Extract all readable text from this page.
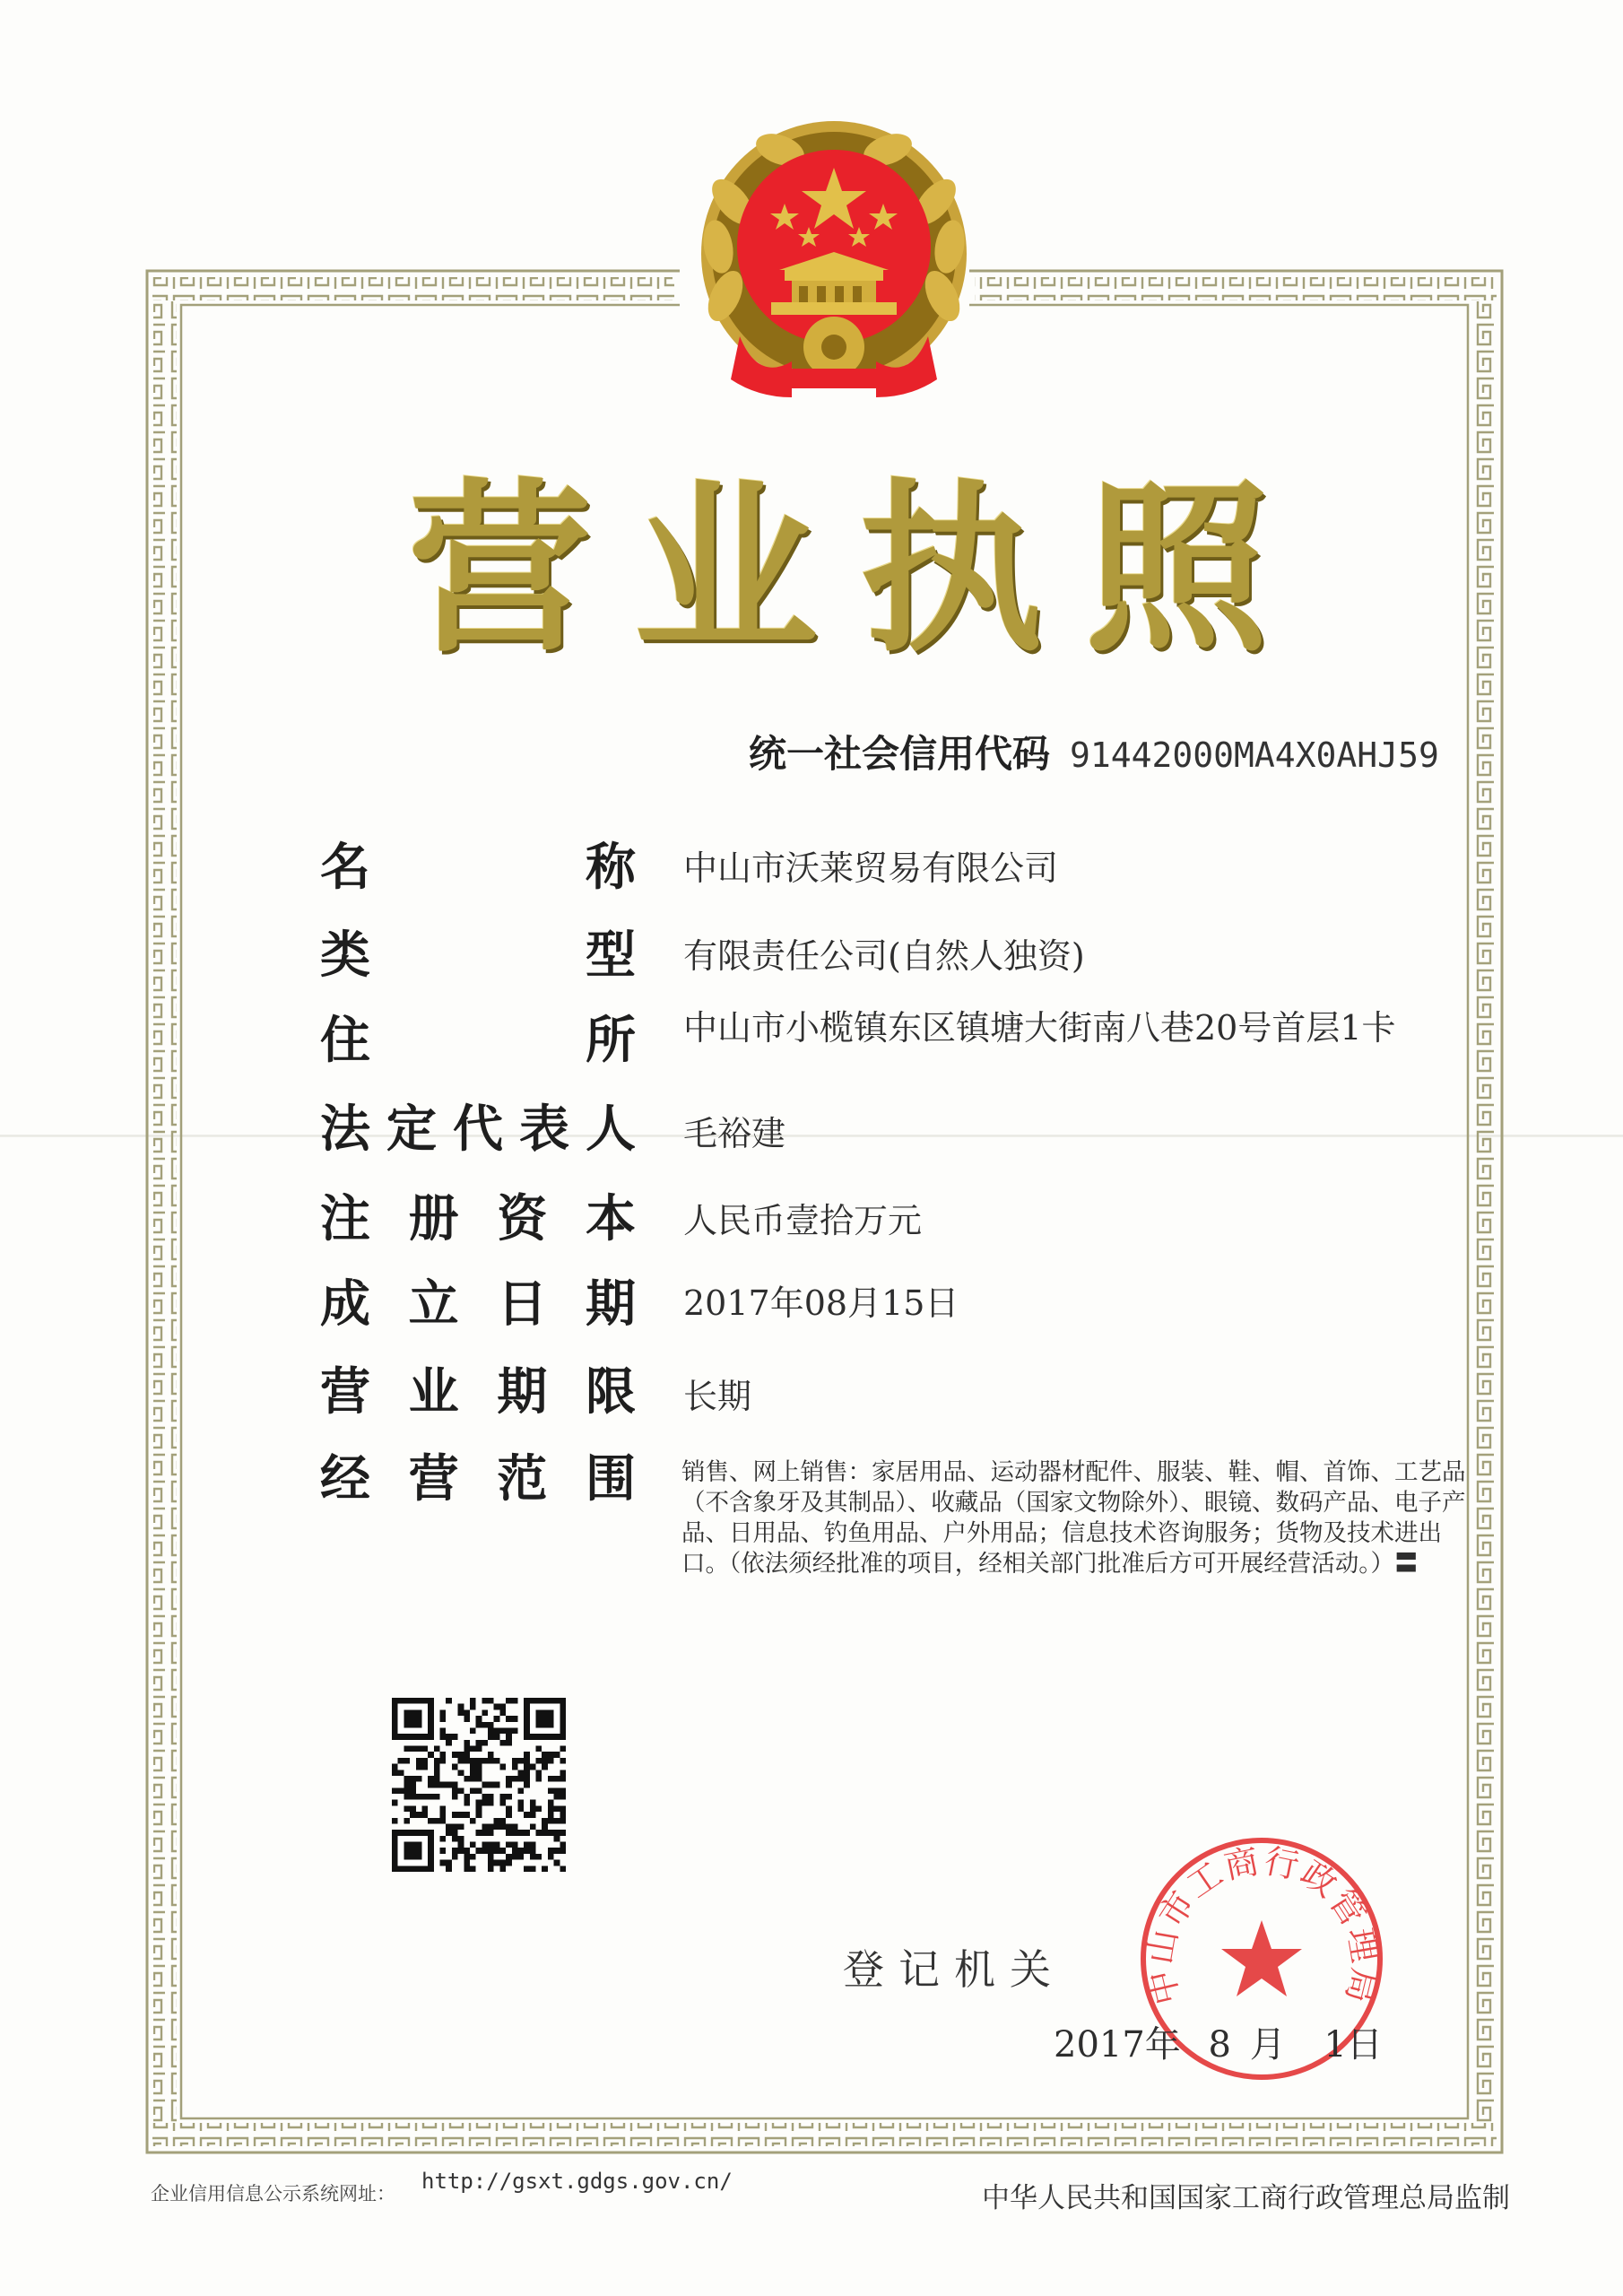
营 业 执 照
统一社会信用代码 91442000MA4X0AHJ59
名	称 中山市沃莱贸易有限公司
类	型 有限责任公司(自然人独资)
住	所 中山市小榄镇东区镇塘大街南八巷20号首层1卡
法 定 代 表 人 毛裕建
注 册 资 本 人民币壹拾万元
成 立 日 期 2017年08月15日
营 业 期 限 长期
经 营 范 围 销售、网上销售：家居用品、运动器材配件、服装、鞋、帽、首饰、工艺品（不含象牙及其制品）、收藏品（国家文物除外）、眼镜、数码产品、电子产品、日用品、钓鱼用品、户外用品；信息技术咨询服务；货物及技术进出口。（依法须经批准的项目，经相关部门批准后方可开展经营活动。）〓
登记机关 中山市工商行政管理局
2017年 8 月 1日
企业信用信息公示系统网址： http://gsxt.gdgs.gov.cn/
中华人民共和国国家工商行政管理总局监制
